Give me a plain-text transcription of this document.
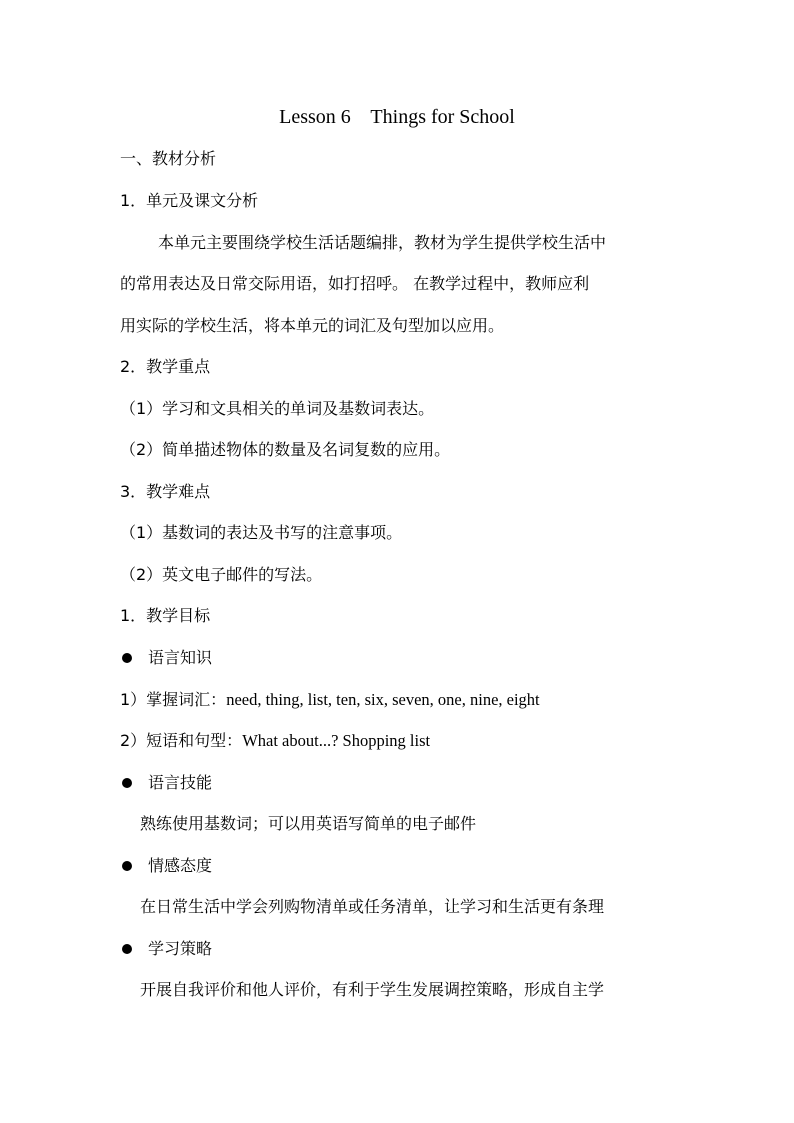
Lesson 6    Things for School
一、教材分析
1．单元及课文分析
本单元主要围绕学校生活话题编排，教材为学生提供学校生活中
的常用表达及日常交际用语，如打招呼。 在教学过程中，教师应利
用实际的学校生活，将本单元的词汇及句型加以应用。
2．教学重点
（1）学习和文具相关的单词及基数词表达。
（2）简单描述物体的数量及名词复数的应用。
3．教学难点
（1）基数词的表达及书写的注意事项。
（2）英文电子邮件的写法。
1．教学目标
语言知识
1）掌握词汇：need, thing, list, ten, six, seven, one, nine, eight
2）短语和句型：What about...? Shopping list
语言技能
熟练使用基数词；可以用英语写简单的电子邮件
情感态度
在日常生活中学会列购物清单或任务清单，让学习和生活更有条理
学习策略
开展自我评价和他人评价，有利于学生发展调控策略，形成自主学
